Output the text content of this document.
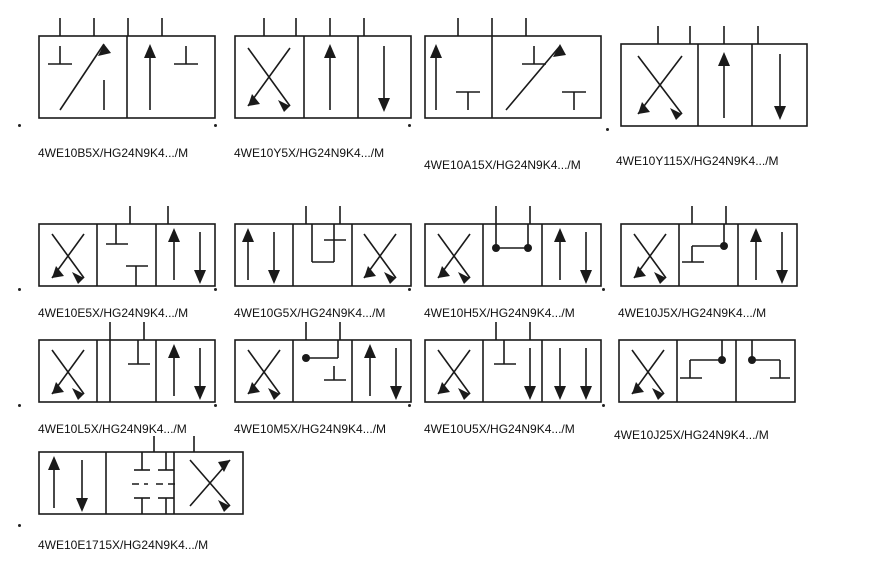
4WE10B5X/HG24N9K4.../M	4WE10Y5X/HG24N9K4.../M
4WE10A15X/HG24N9K4.../M	4WE10Y115X/HG24N9K4.../M
4WE10E5X/HG24N9K4.../M	4WE10G5X/HG24N9K4.../M	4WE10H5X/HG24N9K4.../M	4WE10J5X/HG24N9K4.../M
4WE10L5X/HG24N9K4.../M	4WE10M5X/HG24N9K4.../M	4WE10U5X/HG24N9K4.../M	4WE10J25X/HG24N9K4.../M
4WE10E1715X/HG24N9K4.../M
